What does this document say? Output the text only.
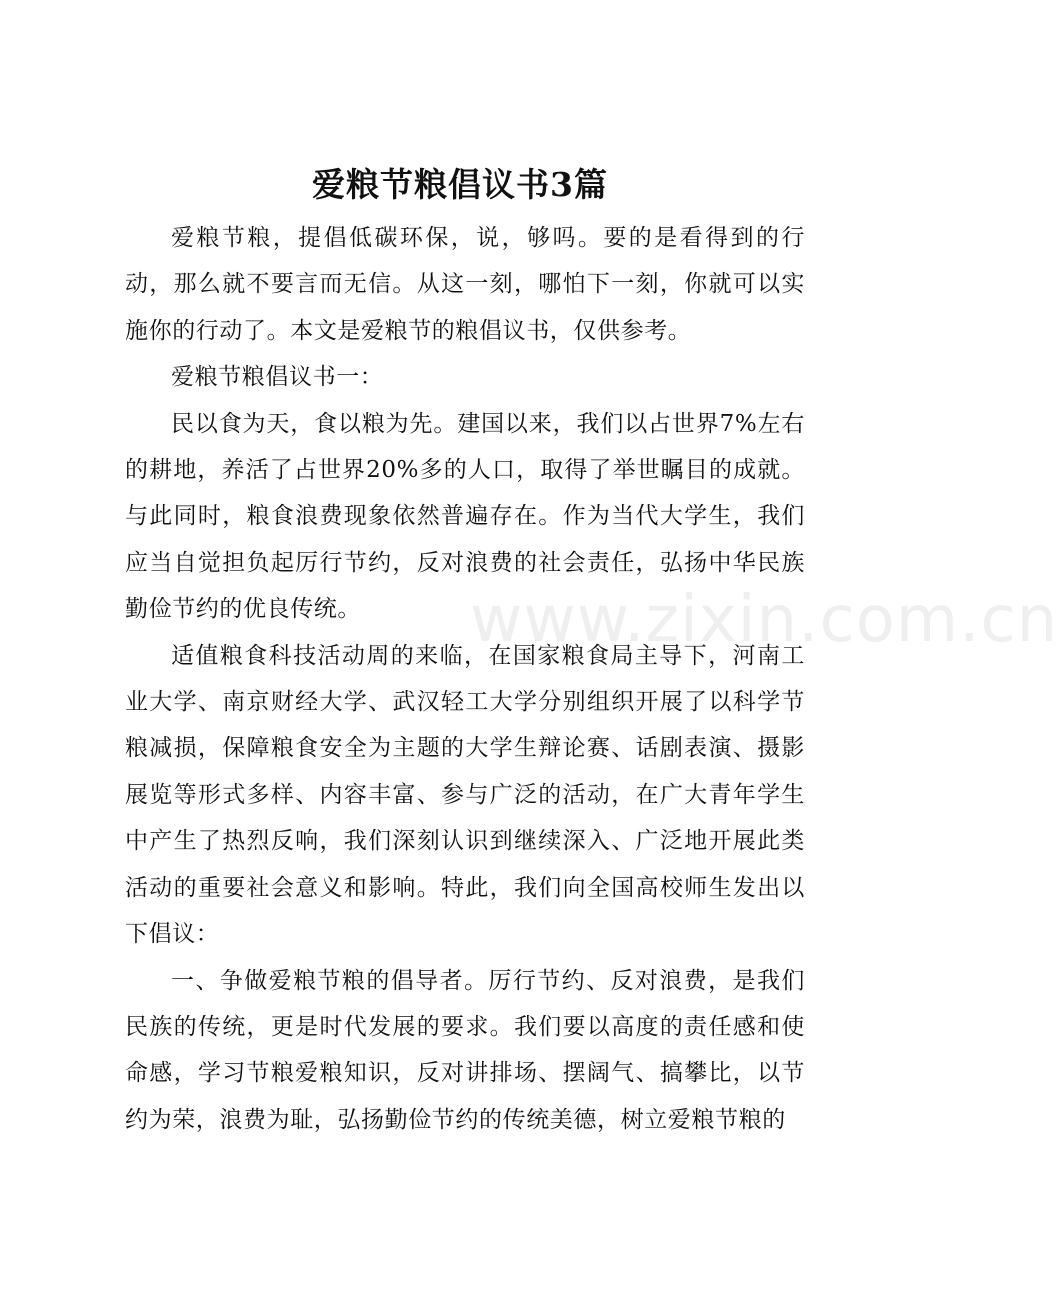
爱粮节粮倡议书3篇

爱粮节粮，提倡低碳环保，说，够吗。要的是看得到的行动，那么就不要言而无信。从这一刻，哪怕下一刻，你就可以实施你的行动了。本文是爱粮节的粮倡议书，仅供参考。

爱粮节粮倡议书一：

民以食为天，食以粮为先。建国以来，我们以占世界7%左右的耕地，养活了占世界20%多的人口，取得了举世瞩目的成就。与此同时，粮食浪费现象依然普遍存在。作为当代大学生，我们应当自觉担负起厉行节约，反对浪费的社会责任，弘扬中华民族勤俭节约的优良传统。

适值粮食科技活动周的来临，在国家粮食局主导下，河南工业大学、南京财经大学、武汉轻工大学分别组织开展了以科学节粮减损，保障粮食安全为主题的大学生辩论赛、话剧表演、摄影展览等形式多样、内容丰富、参与广泛的活动，在广大青年学生中产生了热烈反响，我们深刻认识到继续深入、广泛地开展此类活动的重要社会意义和影响。特此，我们向全国高校师生发出以下倡议：

一、争做爱粮节粮的倡导者。厉行节约、反对浪费，是我们民族的传统，更是时代发展的要求。我们要以高度的责任感和使命感，学习节粮爱粮知识，反对讲排场、摆阔气、搞攀比，以节约为荣，浪费为耻，弘扬勤俭节约的传统美德，树立爱粮节粮的

www.zixin.com.cn
